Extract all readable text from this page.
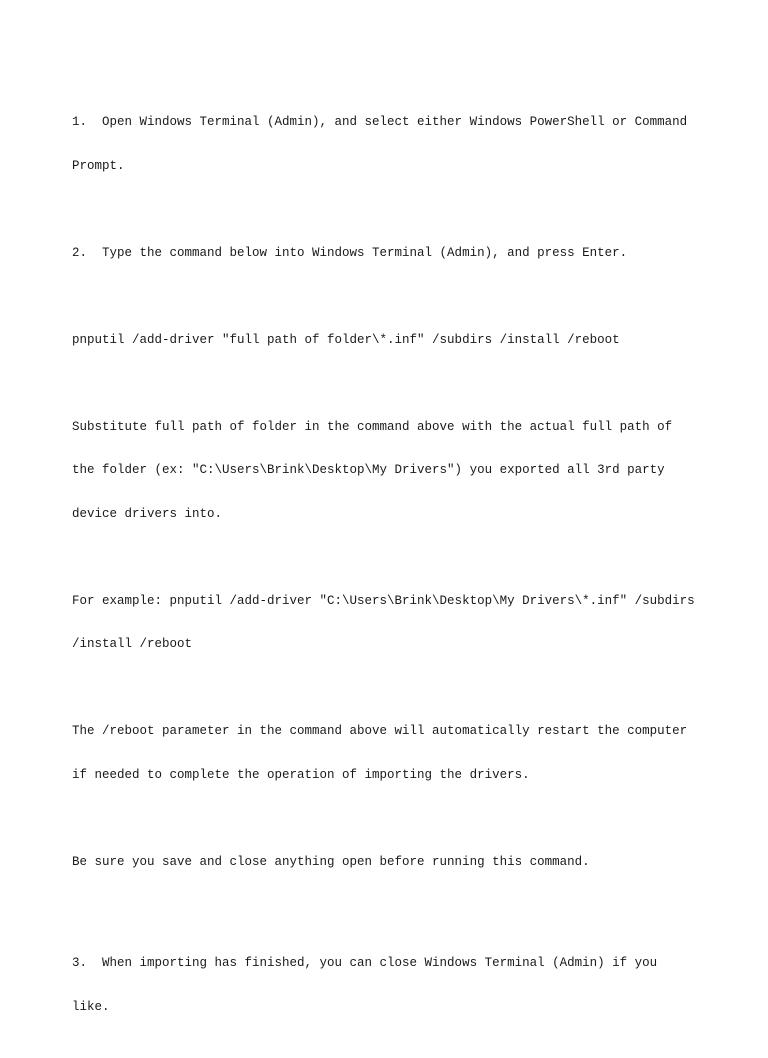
1.  Open Windows Terminal (Admin), and select either Windows PowerShell or Command

Prompt.

2.  Type the command below into Windows Terminal (Admin), and press Enter.

pnputil /add-driver "full path of folder\*.inf" /subdirs /install /reboot

Substitute full path of folder in the command above with the actual full path of

the folder (ex: "C:\Users\Brink\Desktop\My Drivers") you exported all 3rd party

device drivers into.

For example: pnputil /add-driver "C:\Users\Brink\Desktop\My Drivers\*.inf" /subdirs

/install /reboot

The /reboot parameter in the command above will automatically restart the computer

if needed to complete the operation of importing the drivers.

Be sure you save and close anything open before running this command.

3.  When importing has finished, you can close Windows Terminal (Admin) if you

like.
